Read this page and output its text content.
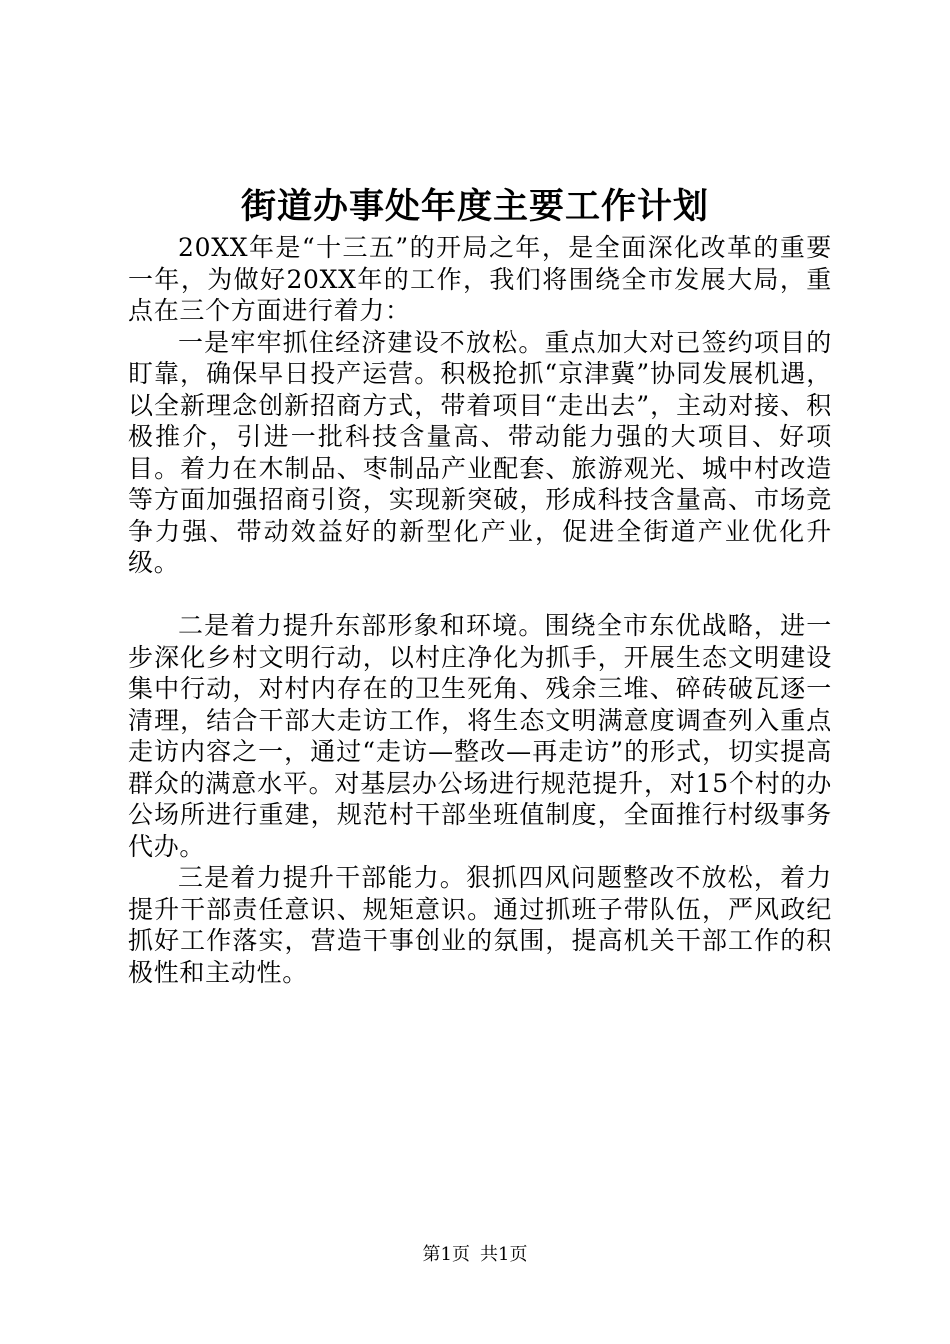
街道办事处年度主要工作计划

20XX年是“十三五”的开局之年，是全面深化改革的重要一年，为做好20XX年的工作，我们将围绕全市发展大局，重点在三个方面进行着力：

一是牢牢抓住经济建设不放松。重点加大对已签约项目的盯靠，确保早日投产运营。积极抢抓“京津冀”协同发展机遇，以全新理念创新招商方式，带着项目“走出去”，主动对接、积极推介，引进一批科技含量高、带动能力强的大项目、好项目。着力在木制品、枣制品产业配套、旅游观光、城中村改造等方面加强招商引资，实现新突破，形成科技含量高、市场竞争力强、带动效益好的新型化产业，促进全街道产业优化升级。

二是着力提升东部形象和环境。围绕全市东优战略，进一步深化乡村文明行动，以村庄净化为抓手，开展生态文明建设集中行动，对村内存在的卫生死角、残余三堆、碎砖破瓦逐一清理，结合干部大走访工作，将生态文明满意度调查列入重点走访内容之一，通过“走访—整改—再走访”的形式，切实提高群众的满意水平。对基层办公场进行规范提升，对15个村的办公场所进行重建，规范村干部坐班值制度，全面推行村级事务代办。

三是着力提升干部能力。狠抓四风问题整改不放松，着力提升干部责任意识、规矩意识。通过抓班子带队伍，严风政纪抓好工作落实，营造干事创业的氛围，提高机关干部工作的积极性和主动性。

第1页 共1页
